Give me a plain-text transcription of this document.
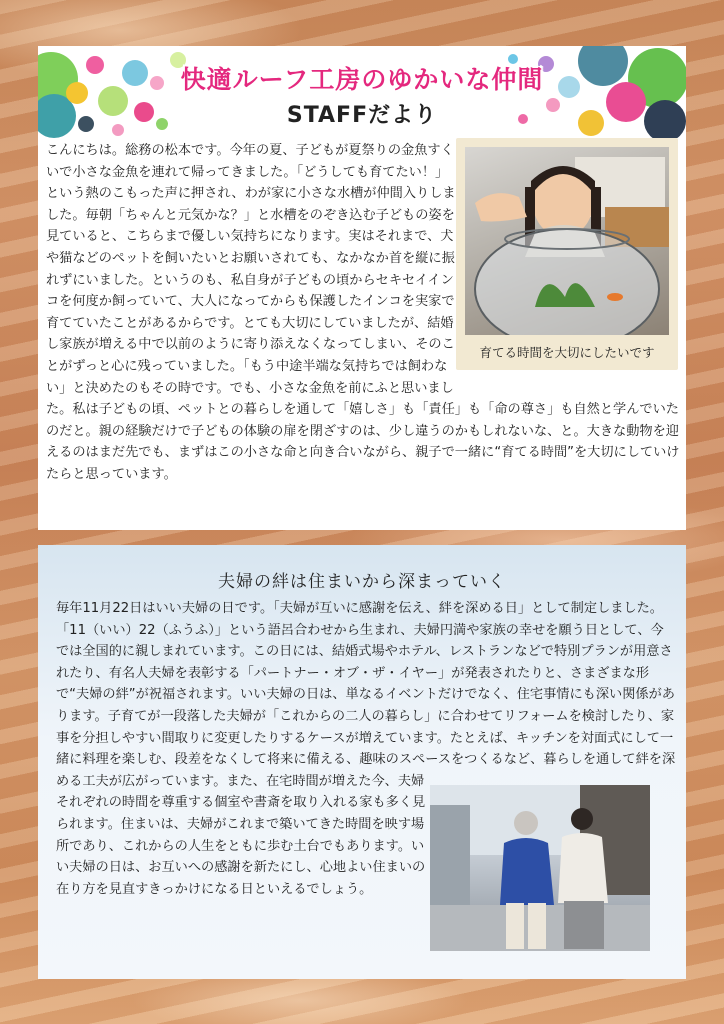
快適ルーフ工房のゆかいな仲間
STAFFだより
育てる時間を大切にしたいです
こんにちは。総務の松本です。今年の夏、子どもが夏祭りの金魚すくいで小さな金魚を連れて帰ってきました。「どうしても育てたい！」という熱のこもった声に押され、わが家に小さな水槽が仲間入りしました。毎朝「ちゃんと元気かな？」と水槽をのぞき込む子どもの姿を見ていると、こちらまで優しい気持ちになります。実はそれまで、犬や猫などのペットを飼いたいとお願いされても、なかなか首を縦に振れずにいました。というのも、私自身が子どもの頃からセキセイインコを何度か飼っていて、大人になってからも保護したインコを実家で育てていたことがあるからです。とても大切にしていましたが、結婚し家族が増える中で以前のように寄り添えなくなってしまい、そのことがずっと心に残っていました。「もう中途半端な気持ちでは飼わない」と決めたのもその時です。でも、小さな金魚を前にふと思いました。私は子どもの頃、ペットとの暮らしを通して「嬉しさ」も「責任」も「命の尊さ」も自然と学んでいたのだと。親の経験だけで子どもの体験の扉を閉ざすのは、少し違うのかもしれないな、と。大きな動物を迎えるのはまだ先でも、まずはこの小さな命と向き合いながら、親子で一緒に“育てる時間”を大切にしていけたらと思っています。
夫婦の絆は住まいから深まっていく
毎年11月22日はいい夫婦の日です。「夫婦が互いに感謝を伝え、絆を深める日」として制定しました。「11（いい）22（ふうふ）」という語呂合わせから生まれ、夫婦円満や家族の幸せを願う日として、今では全国的に親しまれています。この日には、結婚式場やホテル、レストランなどで特別プランが用意されたり、有名人夫婦を表彰する「パートナー・オブ・ザ・イヤー」が発表されたりと、さまざまな形で“夫婦の絆”が祝福されます。いい夫婦の日は、単なるイベントだけでなく、住宅事情にも深い関係があります。子育てが一段落した夫婦が「これからの二人の暮らし」に合わせてリフォームを検討したり、家事を分担しやすい間取りに変更したりするケースが増えています。たとえば、キッチンを対面式にして一緒に料理を楽しむ、段差をなくして将来に備える、趣味のスペースをつくるなど、暮らしを通して絆を深める工夫が広がっています。また、在宅時間が増えた今、夫婦それぞれの時間を尊重する個室や書斎を取り入れる家も多く見られます。住まいは、夫婦がこれまで築いてきた時間を映す場所であり、これからの人生をともに歩む土台でもあります。いい夫婦の日は、お互いへの感謝を新たにし、心地よい住まいの在り方を見直すきっかけになる日といえるでしょう。
